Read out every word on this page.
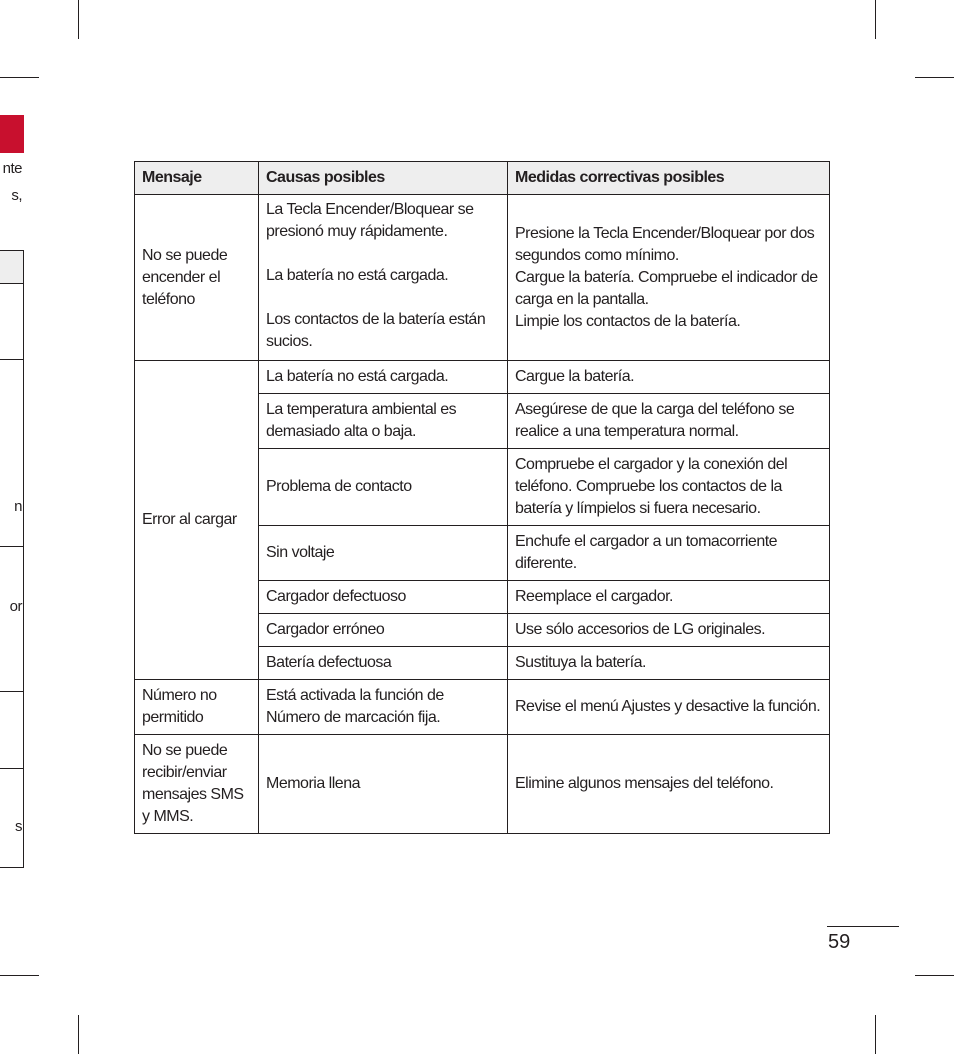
nte
s,
n
or
s
Mensaje	Causas posibles	Medidas correctivas posibles
No se puede encender el teléfono	La Tecla Encender/Bloquear se presionó muy rápidamente.
La batería no está cargada.
Los contactos de la batería están sucios.	Presione la Tecla Encender/Bloquear por dos segundos como mínimo.
Cargue la batería. Compruebe el indicador de carga en la pantalla.
Limpie los contactos de la batería.

Error al cargar	La batería no está cargada.	Cargue la batería.
	La temperatura ambiental es demasiado alta o baja.	Asegúrese de que la carga del teléfono se realice a una temperatura normal.
	Problema de contacto	Compruebe el cargador y la conexión del teléfono. Compruebe los contactos de la batería y límpielos si fuera necesario.
	Sin voltaje	Enchufe el cargador a un tomacorriente diferente.
	Cargador defectuoso	Reemplace el cargador.
	Cargador erróneo	Use sólo accesorios de LG originales.
	Batería defectuosa	Sustituya la batería.
Número no permitido	Está activada la función de Número de marcación fija.	Revise el menú Ajustes y desactive la función.
No se puede recibir/enviar mensajes SMS y MMS.	Memoria llena	Elimine algunos mensajes del teléfono.
59
